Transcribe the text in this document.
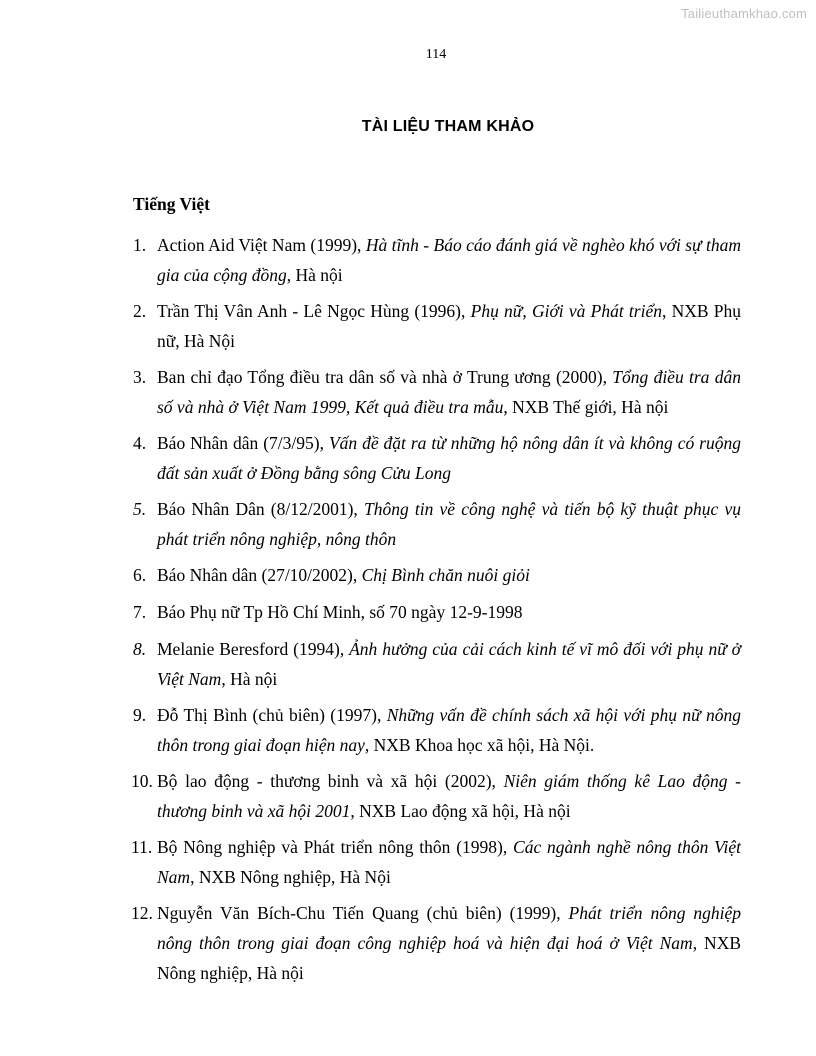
Tailieuthamkhao.com
114
TÀI LIỆU THAM KHẢO
Tiếng Việt
1. Action Aid Việt Nam (1999), Hà tĩnh - Báo cáo đánh giá về nghèo khó với sự tham gia của cộng đồng, Hà nội
2. Trần Thị Vân Anh - Lê Ngọc Hùng (1996), Phụ nữ, Giới và Phát triển, NXB Phụ nữ, Hà Nội
3. Ban chỉ đạo Tổng điều tra dân số và nhà ở Trung ương (2000), Tổng điều tra dân số và nhà ở Việt Nam 1999, Kết quả điều tra mẫu, NXB Thế giới, Hà nội
4. Báo Nhân dân (7/3/95), Vấn đề đặt ra từ những hộ nông dân ít và không có ruộng đất sản xuất ở Đồng bằng sông Cửu Long
5. Báo Nhân Dân (8/12/2001), Thông tin về công nghệ và tiến bộ kỹ thuật phục vụ phát triển nông nghiệp, nông thôn
6. Báo Nhân dân (27/10/2002), Chị Bình chăn nuôi giỏi
7. Báo Phụ nữ Tp Hồ Chí Minh, số 70 ngày 12-9-1998
8. Melanie Beresford (1994), Ảnh hưởng của cải cách kinh tế vĩ mô đối với phụ nữ ở Việt Nam, Hà nội
9. Đỗ Thị Bình (chủ biên) (1997), Những vấn đề chính sách xã hội với phụ nữ nông thôn trong giai đoạn hiện nay, NXB Khoa học xã hội, Hà Nội.
10. Bộ lao động - thương binh và xã hội (2002), Niên giám thống kê Lao động - thương binh và xã hội 2001, NXB Lao động xã hội, Hà nội
11. Bộ Nông nghiệp và Phát triển nông thôn (1998), Các ngành nghề nông thôn Việt Nam, NXB Nông nghiệp, Hà Nội
12. Nguyễn Văn Bích-Chu Tiến Quang (chủ biên) (1999), Phát triển nông nghiệp nông thôn trong giai đoạn công nghiệp hoá và hiện đại hoá ở Việt Nam, NXB Nông nghiệp, Hà nội
